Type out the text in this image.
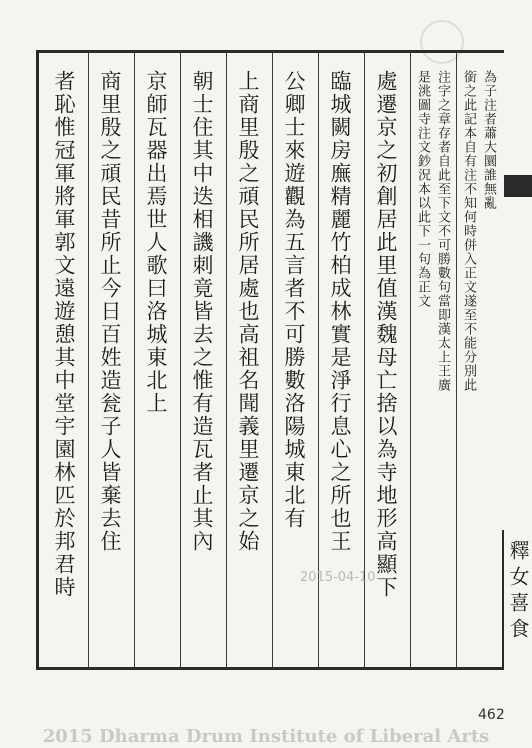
為子注者蕭大圜誰無亂
銜之此記本自有注不知何時併入正文遂至不能分別此
注字之章存者自此至下文不可勝數句當即漢太上王廣
是洮圖寺注文鈔況本以此下一句為正文
處遷京之初創居此里值漢魏母亡捨以為寺地形高顯下
臨城闕房廡精麗竹柏成林實是淨行息心之所也王
公卿士來遊觀為五言者不可勝數洛陽城東北有
上商里殷之頑民所居處也高祖名聞義里遷京之始
朝士住其中迭相譏刺竟皆去之惟有造瓦者止其內
京師瓦器出焉世人歌曰洛城東北上
商里殷之頑民昔所止今日百姓造瓮子人皆棄去住
者恥惟冠軍將軍郭文遠遊憩其中堂宇園林匹於邦君時	釋女喜食
2015-04-10
462
2015 Dharma Drum Institute of Liberal Arts
